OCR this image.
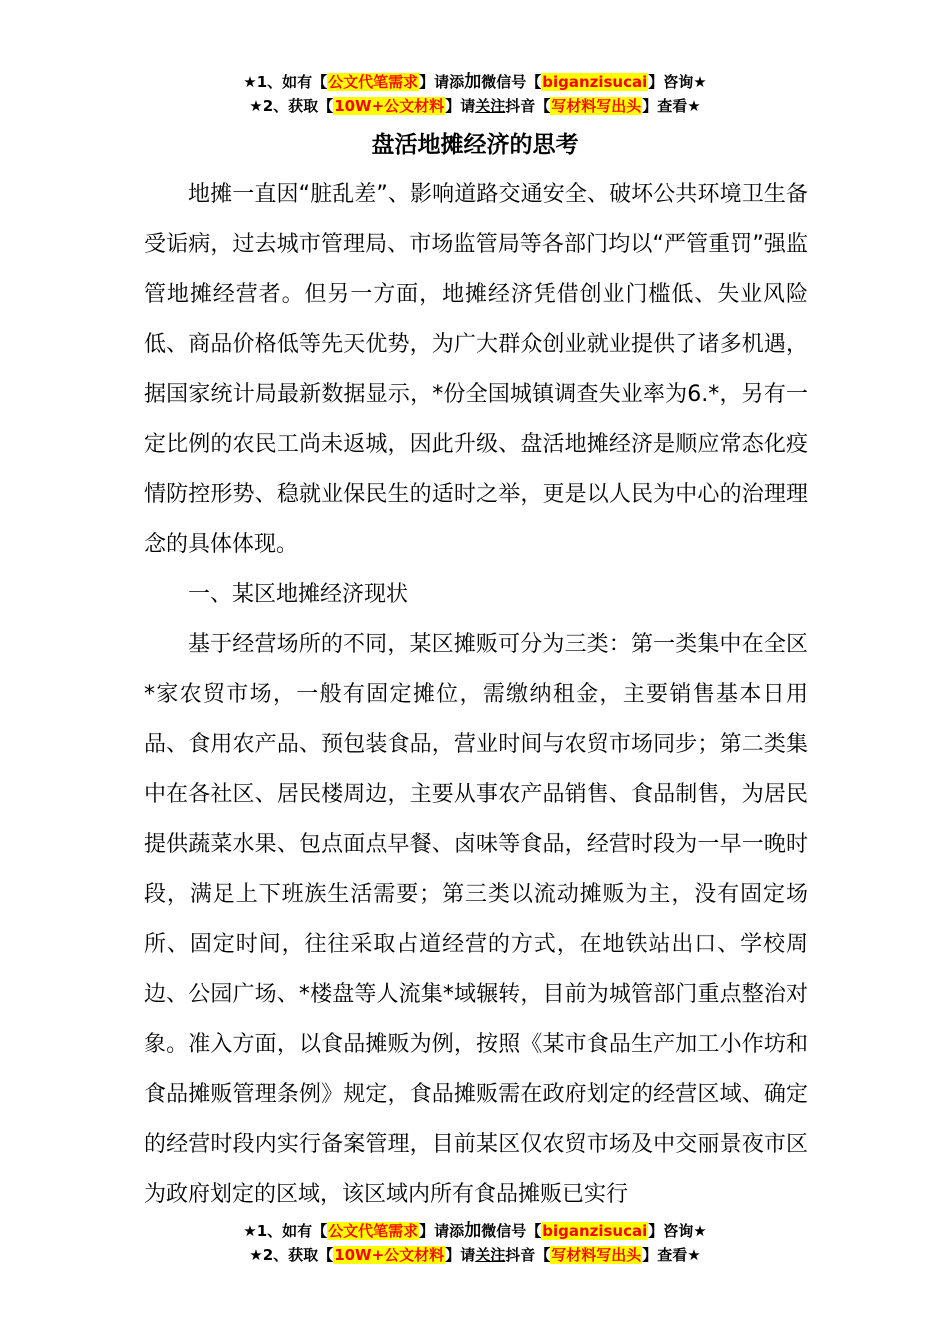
★1、如有【公文代笔需求】请添加微信号【biganzisucai】咨询★
★2、获取【10W+公文材料】请关注抖音【写材料写出头】查看★
盘活地摊经济的思考

地摊一直因“脏乱差”、影响道路交通安全、破坏公共环境卫生备受诟病，过去城市管理局、市场监管局等各部门均以“严管重罚”强监管地摊经营者。但另一方面，地摊经济凭借创业门槛低、失业风险低、商品价格低等先天优势，为广大群众创业就业提供了诸多机遇，据国家统计局最新数据显示，*份全国城镇调查失业率为6.*，另有一定比例的农民工尚未返城，因此升级、盘活地摊经济是顺应常态化疫情防控形势、稳就业保民生的适时之举，更是以人民为中心的治理理念的具体体现。

一、某区地摊经济现状

基于经营场所的不同，某区摊贩可分为三类：第一类集中在全区*家农贸市场，一般有固定摊位，需缴纳租金，主要销售基本日用品、食用农产品、预包装食品，营业时间与农贸市场同步；第二类集中在各社区、居民楼周边，主要从事农产品销售、食品制售，为居民提供蔬菜水果、包点面点早餐、卤味等食品，经营时段为一早一晚时段，满足上下班族生活需要；第三类以流动摊贩为主，没有固定场所、固定时间，往往采取占道经营的方式，在地铁站出口、学校周边、公园广场、*楼盘等人流集*域辗转，目前为城管部门重点整治对象。准入方面，以食品摊贩为例，按照《某市食品生产加工小作坊和食品摊贩管理条例》规定，食品摊贩需在政府划定的经营区域、确定的经营时段内实行备案管理，目前某区仅农贸市场及中交丽景夜市区为政府划定的区域，该区域内所有食品摊贩已实行

★1、如有【公文代笔需求】请添加微信号【biganzisucai】咨询★
★2、获取【10W+公文材料】请关注抖音【写材料写出头】查看★
